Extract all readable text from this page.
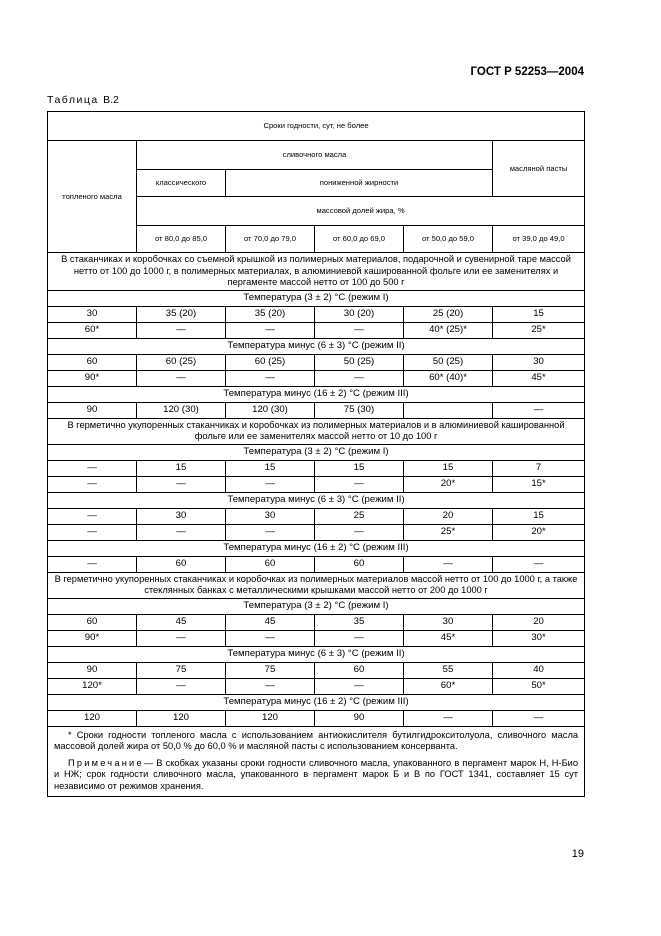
ГОСТ Р 52253—2004
Таблица В.2
Сроки годности, сут, не более					
топленого масла	сливочного масла				масляной пасты
	классического	пониженной жирности			
	массовой долей жира, %				
	от 80,0 до 85,0	от 70,0 до 79,0	от 60,0 до 69,0	от 50,0 до 59,0	от 39,0 до 49,0
В стаканчиках и коробочках со съемной крышкой из полимерных материалов, подарочной и сувенирной таре массой нетто от 100 до 1000 г, в полимерных материалах, в алюминиевой кашированной фольге или ее заменителях и пергаменте массой нетто от 100 до 500 г					
Температура (3 ± 2) °С (режим I)					
30	35 (20)	35 (20)	30 (20)	25 (20)	15
60*	—	—	—	40* (25)*	25*
Температура минус (6 ± 3) °С (режим II)					
60	60 (25)	60 (25)	50 (25)	50 (25)	30
90*	—	—	—	60* (40)*	45*
Температура минус (16 ± 2) °С (режим III)					
90	120 (30)	120 (30)	75 (30)		—
В герметично укупоренных стаканчиках и коробочках из полимерных материалов и в алюминиевой кашированной фольге или ее заменителях массой нетто от 10 до 100 г					
Температура (3 ± 2) °С (режим I)					
—	15	15	15	15	7
—	—	—	—	20*	15*
Температура минус (6 ± 3) °С (режим II)					
—	30	30	25	20	15
—	—	—	—	25*	20*
Температура минус (16 ± 2) °С (режим III)					
—	60	60	60	—	—
В герметично укупоренных стаканчиках и коробочках из полимерных материалов массой нетто от 100 до 1000 г, а также стеклянных банках с металлическими крышками массой нетто от 200 до 1000 г					
Температура (3 ± 2) °С (режим I)					
60	45	45	35	30	20
90*	—	—	—	45*	30*
Температура минус (6 ± 3) °С (режим II)					
90	75	75	60	55	40
120*	—	—	—	60*	50*
Температура минус (16 ± 2) °С (режим III)					
120	120	120	90	—	—

* Сроки годности топленого масла с использованием антиокислителя бутилгидрокситолуола, сливочного масла массовой долей жира от 50,0 % до 60,0 % и масляной пасты с использованием консерванта.
Примечание— В скобках указаны сроки годности сливочного масла, упакованного в пергамент марок Н, Н-Био и НЖ; срок годности сливочного масла, упакованного в пергамент марок Б и В по ГОСТ 1341, составляет 15 сут независимо от режимов хранения.					
19
